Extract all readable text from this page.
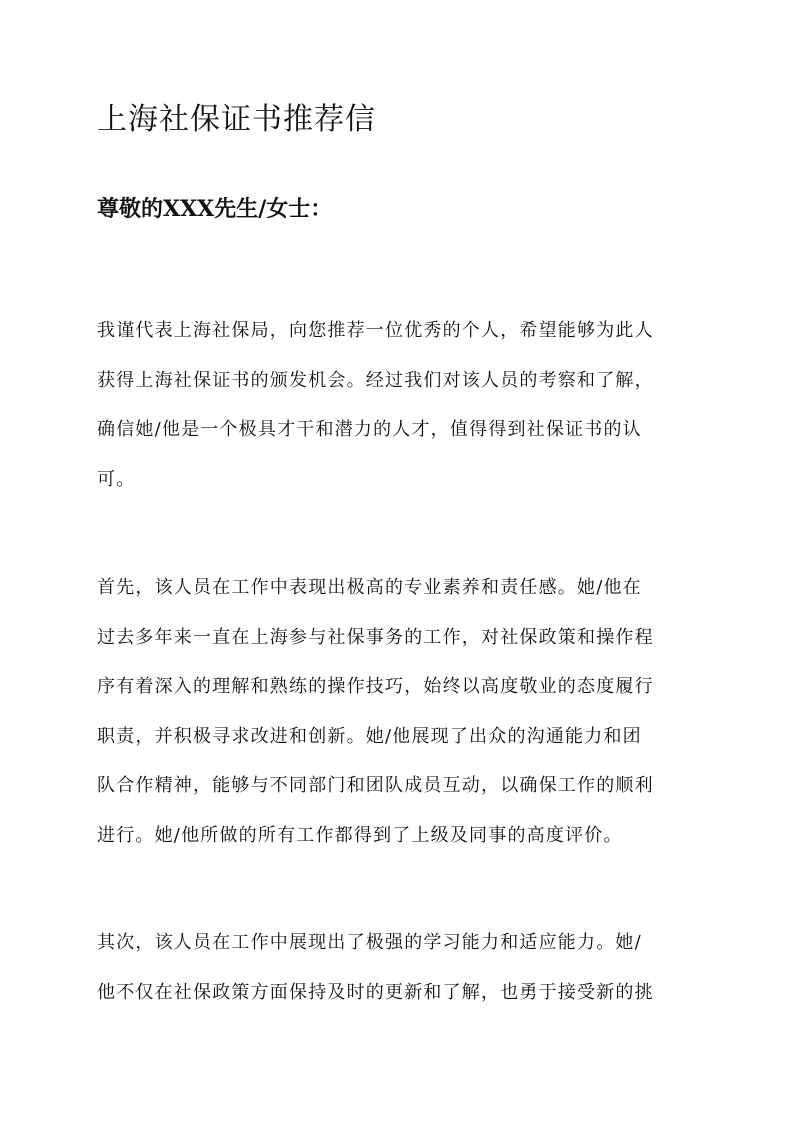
上海社保证书推荐信
尊敬的XXX先生/女士：

我谨代表上海社保局，向您推荐一位优秀的个人，希望能够为此人
获得上海社保证书的颁发机会。经过我们对该人员的考察和了解，
确信她/他是一个极具才干和潜力的人才，值得得到社保证书的认
可。

首先，该人员在工作中表现出极高的专业素养和责任感。她/他在
过去多年来一直在上海参与社保事务的工作，对社保政策和操作程
序有着深入的理解和熟练的操作技巧，始终以高度敬业的态度履行
职责，并积极寻求改进和创新。她/他展现了出众的沟通能力和团
队合作精神，能够与不同部门和团队成员互动，以确保工作的顺利
进行。她/他所做的所有工作都得到了上级及同事的高度评价。

其次，该人员在工作中展现出了极强的学习能力和适应能力。她/
他不仅在社保政策方面保持及时的更新和了解，也勇于接受新的挑
